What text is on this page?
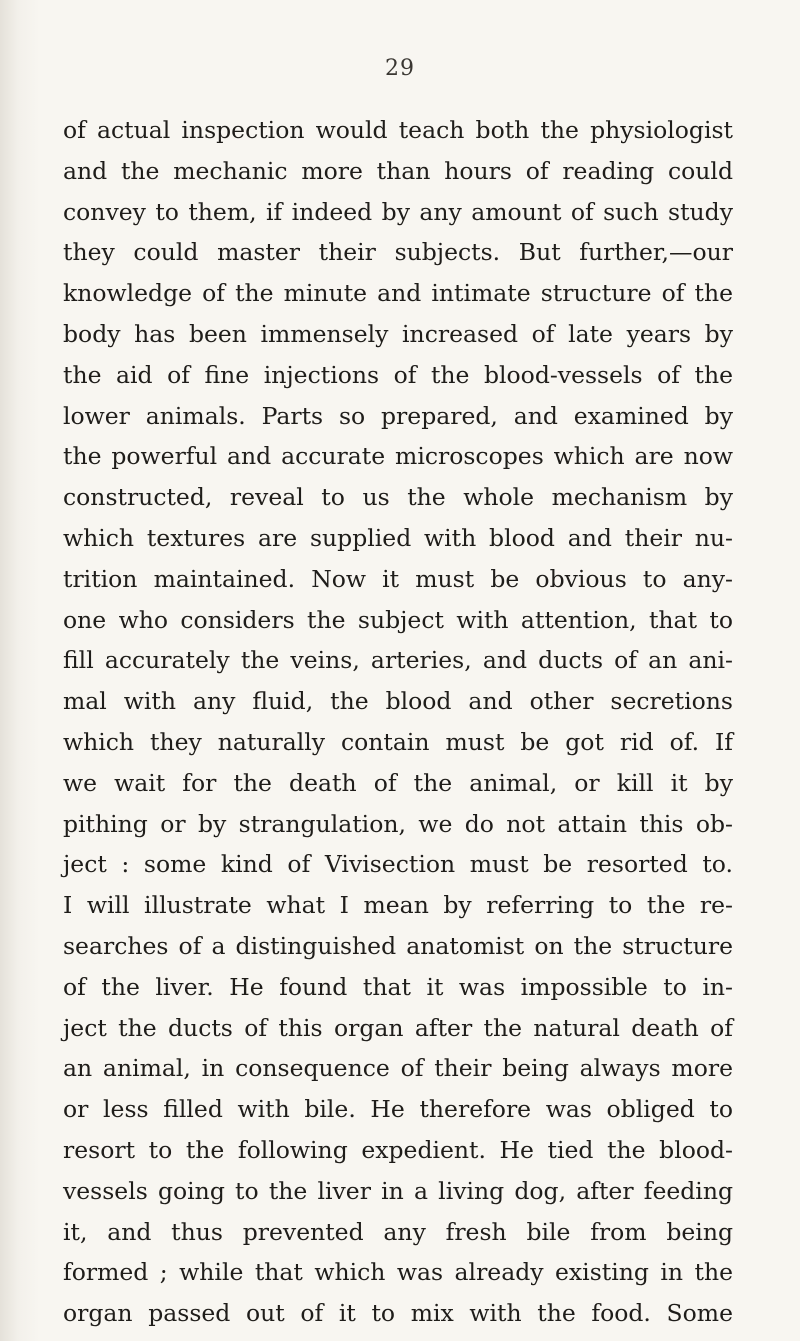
29
of actual inspection would teach both the physiologist
and the mechanic more than hours of reading could
convey to them, if indeed by any amount of such study
they could master their subjects. But further,—our
knowledge of the minute and intimate structure of the
body has been immensely increased of late years by
the aid of fine injections of the blood-vessels of the
lower animals. Parts so prepared, and examined by
the powerful and accurate microscopes which are now
constructed, reveal to us the whole mechanism by
which textures are supplied with blood and their nu-
trition maintained. Now it must be obvious to any-
one who considers the subject with attention, that to
fill accurately the veins, arteries, and ducts of an ani-
mal with any fluid, the blood and other secretions
which they naturally contain must be got rid of. If
we wait for the death of the animal, or kill it by
pithing or by strangulation, we do not attain this ob-
ject : some kind of Vivisection must be resorted to.
I will illustrate what I mean by referring to the re-
searches of a distinguished anatomist on the structure
of the liver. He found that it was impossible to in-
ject the ducts of this organ after the natural death of
an animal, in consequence of their being always more
or less filled with bile. He therefore was obliged to
resort to the following expedient. He tied the blood-
vessels going to the liver in a living dog, after feeding
it, and thus prevented any fresh bile from being
formed ; while that which was already existing in the
organ passed out of it to mix with the food. Some
